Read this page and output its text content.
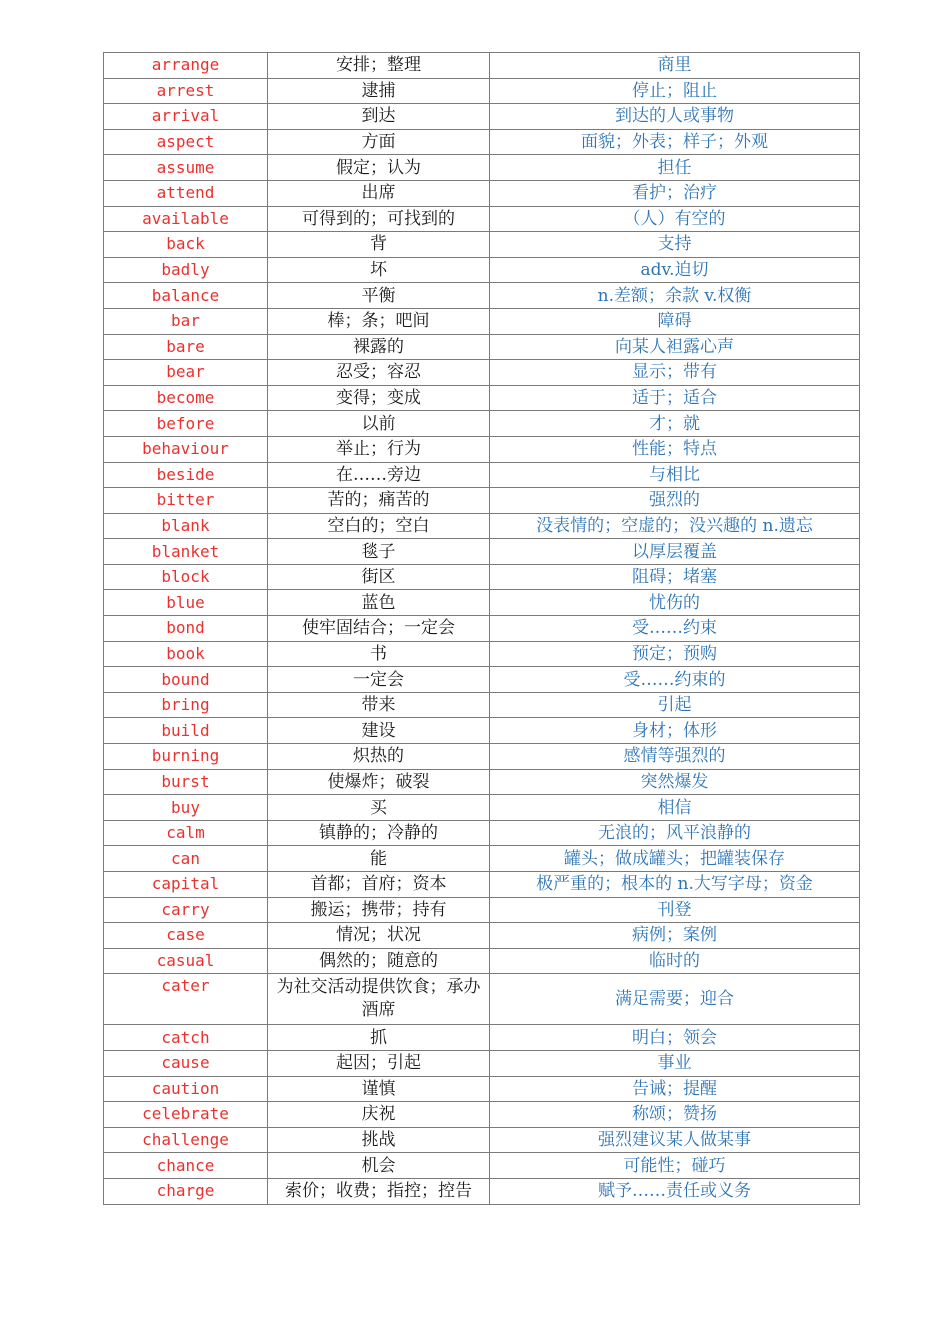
arrange	安排；整理	商里
arrest	逮捕	停止；阻止
arrival	到达	到达的人或事物
aspect	方面	面貌；外表；样子；外观
assume	假定；认为	担任
attend	出席	看护；治疗
available	可得到的；可找到的	（人）有空的
back	背	支持
badly	坏	adv.迫切
balance	平衡	n.差额；余款 v.权衡
bar	棒；条；吧间	障碍
bare	裸露的	向某人袒露心声
bear	忍受；容忍	显示；带有
become	变得；变成	适于；适合
before	以前	才；就
behaviour	举止；行为	性能；特点
beside	在……旁边	与相比
bitter	苦的；痛苦的	强烈的
blank	空白的；空白	没表情的；空虚的；没兴趣的 n.遗忘
blanket	毯子	以厚层覆盖
block	街区	阻碍；堵塞
blue	蓝色	忧伤的
bond	使牢固结合；一定会	受……约束
book	书	预定；预购
bound	一定会	受……约束的
bring	带来	引起
build	建设	身材；体形
burning	炽热的	感情等强烈的
burst	使爆炸；破裂	突然爆发
buy	买	相信
calm	镇静的；冷静的	无浪的；风平浪静的
can	能	罐头；做成罐头；把罐装保存
capital	首都；首府；资本	极严重的；根本的 n.大写字母；资金
carry	搬运；携带；持有	刊登
case	情况；状况	病例；案例
casual	偶然的；随意的	临时的
cater	为社交活动提供饮食；承办酒席	满足需要；迎合
catch	抓	明白；领会
cause	起因；引起	事业
caution	谨慎	告诫；提醒
celebrate	庆祝	称颂；赞扬
challenge	挑战	强烈建议某人做某事
chance	机会	可能性；碰巧
charge	索价；收费；指控；控告	赋予……责任或义务
